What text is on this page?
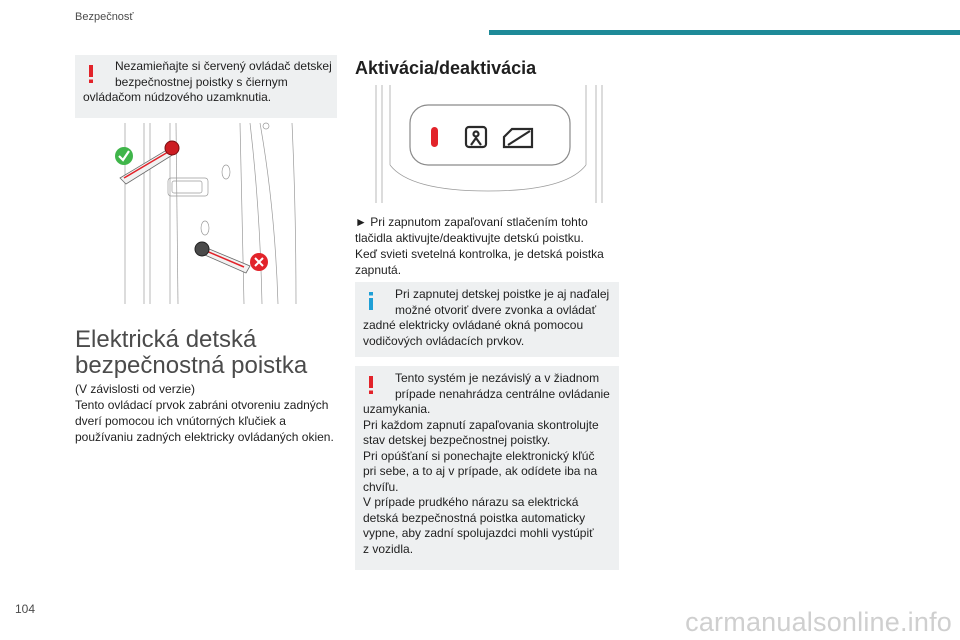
Bezpečnosť
Nezamieňajte si červený ovládač detskej
bezpečnostnej poistky s čiernym
ovládačom núdzového uzamknutia.
Elektrická detská
bezpečnostná poistka
(V závislosti od verzie)
Tento ovládací prvok zabráni otvoreniu zadných
dverí pomocou ich vnútorných kľučiek a
používaniu zadných elektricky ovládaných okien.
Aktivácia/deaktivácia
► Pri zapnutom zapaľovaní stlačením tohto
tlačidla aktivujte/deaktivujte detskú poistku.
Keď svieti svetelná kontrolka, je detská poistka
zapnutá.
Pri zapnutej detskej poistke je aj naďalej
možné otvoriť dvere zvonka a ovládať
zadné elektricky ovládané okná pomocou
vodičových ovládacích prvkov.
Tento systém je nezávislý a v žiadnom
prípade nenahrádza centrálne ovládanie
uzamykania.
Pri každom zapnutí zapaľovania skontrolujte
stav detskej bezpečnostnej poistky.
Pri opúšťaní si ponechajte elektronický kľúč
pri sebe, a to aj v prípade, ak odídete iba na
chvíľu.
V prípade prudkého nárazu sa elektrická
detská bezpečnostná poistka automaticky
vypne, aby zadní spolujazdci mohli vystúpiť
z vozidla.
104	carmanualsonline.info
